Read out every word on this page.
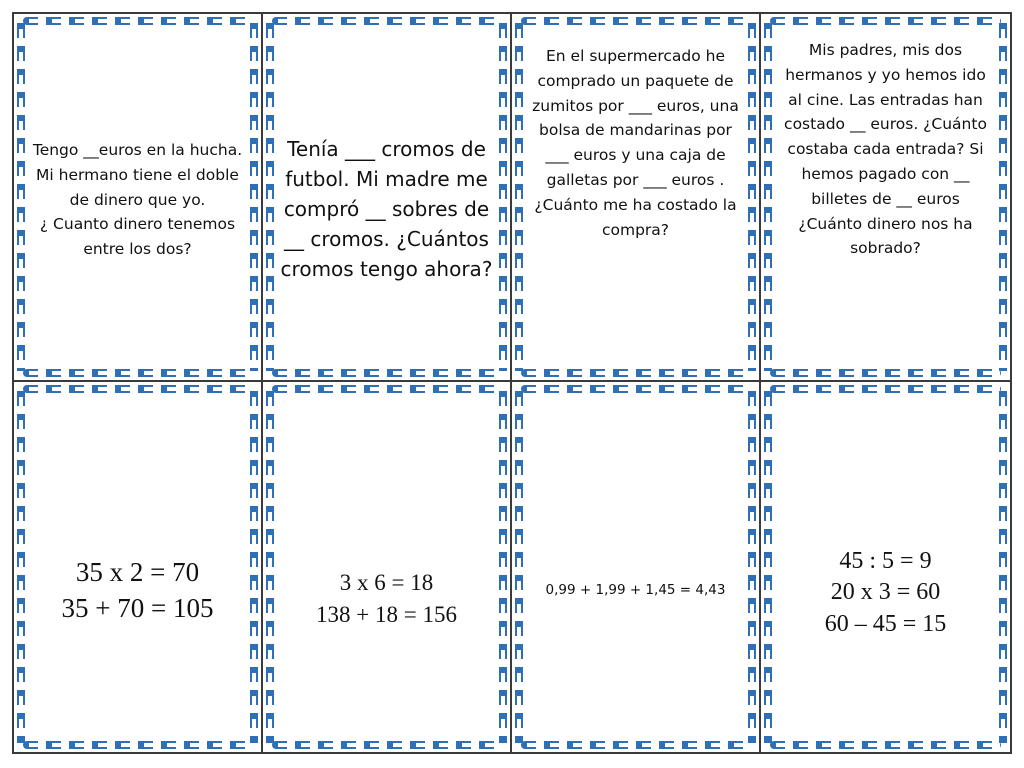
Tengo __euros en la hucha. Mi hermano tiene el doble de dinero que yo.
¿ Cuanto dinero tenemos entre los dos?
Tenía ___ cromos de futbol. Mi madre me compró __ sobres de __ cromos. ¿Cuántos cromos tengo ahora?
En el supermercado he comprado un paquete de zumitos por ___ euros, una bolsa de mandarinas por ___ euros y una caja de galletas por ___ euros . ¿Cuánto me ha costado la compra?
Mis padres, mis dos hermanos y yo hemos ido al cine. Las entradas han costado __ euros. ¿Cuánto costaba cada entrada? Si hemos pagado con __ billetes de __ euros ¿Cuánto dinero nos ha sobrado?
35 x 2 = 70
35 + 70 = 105
3 x 6 = 18
138 + 18 = 156
0,99 + 1,99 + 1,45 = 4,43
45 : 5 = 9
20 x 3 = 60
60 – 45 = 15
